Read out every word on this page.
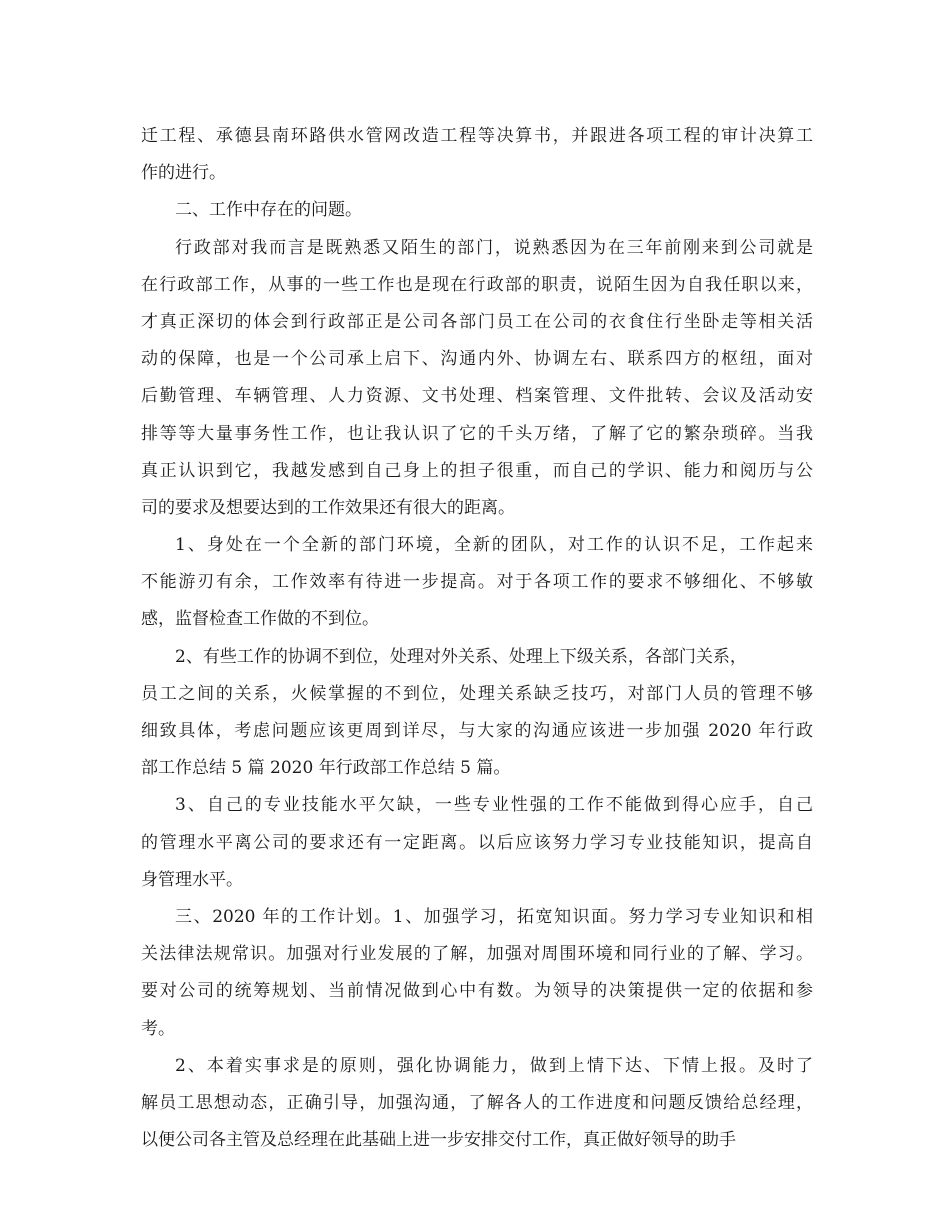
迁工程、承德县南环路供水管网改造工程等决算书，并跟进各项工程的审计决算工
作的进行。
二、工作中存在的问题。
行政部对我而言是既熟悉又陌生的部门，说熟悉因为在三年前刚来到公司就是
在行政部工作，从事的一些工作也是现在行政部的职责，说陌生因为自我任职以来，
才真正深切的体会到行政部正是公司各部门员工在公司的衣食住行坐卧走等相关活
动的保障，也是一个公司承上启下、沟通内外、协调左右、联系四方的枢纽，面对
后勤管理、车辆管理、人力资源、文书处理、档案管理、文件批转、会议及活动安
排等等大量事务性工作，也让我认识了它的千头万绪，了解了它的繁杂琐碎。当我
真正认识到它，我越发感到自己身上的担子很重，而自己的学识、能力和阅历与公
司的要求及想要达到的工作效果还有很大的距离。
1、身处在一个全新的部门环境，全新的团队，对工作的认识不足，工作起来
不能游刃有余，工作效率有待进一步提高。对于各项工作的要求不够细化、不够敏
感，监督检查工作做的不到位。
2、有些工作的协调不到位，处理对外关系、处理上下级关系，各部门关系，
员工之间的关系，火候掌握的不到位，处理关系缺乏技巧，对部门人员的管理不够
细致具体，考虑问题应该更周到详尽，与大家的沟通应该进一步加强 2020 年行政
部工作总结 5 篇 2020 年行政部工作总结 5 篇。
3、自己的专业技能水平欠缺，一些专业性强的工作不能做到得心应手，自己
的管理水平离公司的要求还有一定距离。以后应该努力学习专业技能知识，提高自
身管理水平。
三、2020 年的工作计划。1、加强学习，拓宽知识面。努力学习专业知识和相
关法律法规常识。加强对行业发展的了解，加强对周围环境和同行业的了解、学习。
要对公司的统筹规划、当前情况做到心中有数。为领导的决策提供一定的依据和参
考。
2、本着实事求是的原则，强化协调能力，做到上情下达、下情上报。及时了
解员工思想动态，正确引导，加强沟通，了解各人的工作进度和问题反馈给总经理，
以便公司各主管及总经理在此基础上进一步安排交付工作，真正做好领导的助手
